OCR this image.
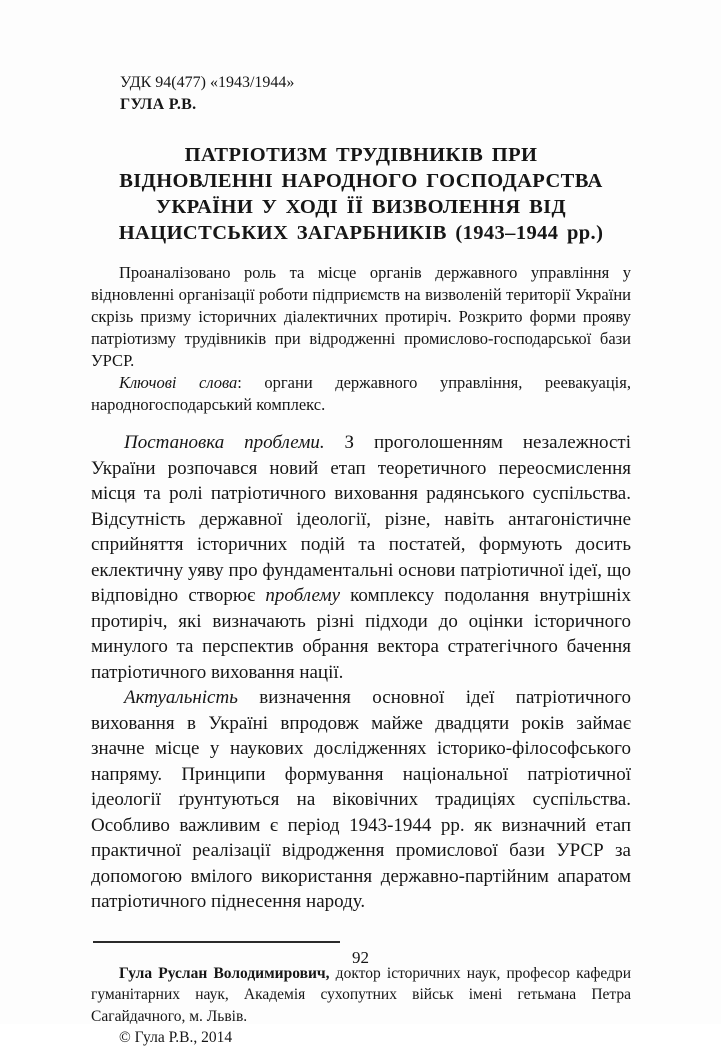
УДК 94(477) «1943/1944»
ГУЛА Р.В.
ПАТРІОТИЗМ ТРУДІВНИКІВ ПРИ
ВІДНОВЛЕННІ НАРОДНОГО ГОСПОДАРСТВА
УКРАЇНИ У ХОДІ ЇЇ ВИЗВОЛЕННЯ ВІД
НАЦИСТСЬКИХ ЗАГАРБНИКІВ (1943–1944 рр.)

Проаналізовано роль та місце органів державного управління у відновленні організації роботи підприємств на визволеній території України скрізь призму історичних діалектичних протиріч. Розкрито форми прояву патріотизму трудівників при відродженні промислово-господарської бази УРСР.

Ключові слова: органи державного управління, реевакуація, народногосподарський комплекс.

Постановка проблеми. З проголошенням незалежності України розпочався новий етап теоретичного переосмислення місця та ролі патріотичного виховання радянського суспільства. Відсутність державної ідеології, різне, навіть антагоністичне сприйняття історичних подій та постатей, формують досить еклектичну уяву про фундаментальні основи патріотичної ідеї, що відповідно створює проблему комплексу подолання внутрішніх протиріч, які визначають різні підходи до оцінки історичного минулого та перспектив обрання вектора стратегічного бачення патріотичного виховання нації.

Актуальність визначення основної ідеї патріотичного виховання в Україні впродовж майже двадцяти років займає значне місце у наукових дослідженнях історико-філософського напряму. Принципи формування національної патріотичної ідеології ґрунтуються на віковічних традиціях суспільства. Особливо важливим є період 1943-1944 рр. як визначний етап практичної реалізації відродження промислової бази УРСР за допомогою вмілого використання державно-партійним апаратом патріотичного піднесення народу.

Гула Руслан Володимирович, доктор історичних наук, професор кафедри гуманітарних наук, Академія сухопутних військ імені гетьмана Петра Сагайдачного, м. Львів.

© Гула Р.В., 2014

92
